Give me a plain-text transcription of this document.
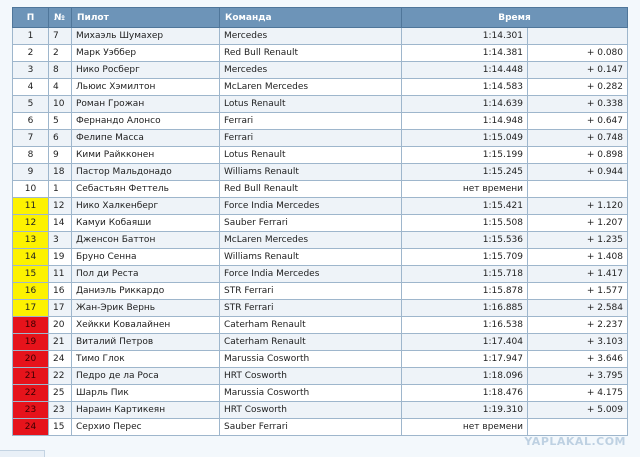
П	№	Пилот	Команда	Время	
1	7	Михаэль Шумахер	Mercedes	1:14.301	
2	2	Марк Уэббер	Red Bull Renault	1:14.381	+ 0.080
3	8	Нико Росберг	Mercedes	1:14.448	+ 0.147
4	4	Льюис Хэмилтон	McLaren Mercedes	1:14.583	+ 0.282
5	10	Роман Грожан	Lotus Renault	1:14.639	+ 0.338
6	5	Фернандо Алонсо	Ferrari	1:14.948	+ 0.647
7	6	Фелипе Масса	Ferrari	1:15.049	+ 0.748
8	9	Кими Райкконен	Lotus Renault	1:15.199	+ 0.898
9	18	Пастор Мальдонадо	Williams Renault	1:15.245	+ 0.944
10	1	Себастьян Феттель	Red Bull Renault	нет времени	
11	12	Нико Халкенберг	Force India Mercedes	1:15.421	+ 1.120
12	14	Камуи Кобаяши	Sauber Ferrari	1:15.508	+ 1.207
13	3	Дженсон Баттон	McLaren Mercedes	1:15.536	+ 1.235
14	19	Бруно Сенна	Williams Renault	1:15.709	+ 1.408
15	11	Пол ди Реста	Force India Mercedes	1:15.718	+ 1.417
16	16	Даниэль Риккардо	STR Ferrari	1:15.878	+ 1.577
17	17	Жан-Эрик Вернь	STR Ferrari	1:16.885	+ 2.584
18	20	Хейкки Ковалайнен	Caterham Renault	1:16.538	+ 2.237
19	21	Виталий Петров	Caterham Renault	1:17.404	+ 3.103
20	24	Тимо Глок	Marussia Cosworth	1:17.947	+ 3.646
21	22	Педро де ла Роса	HRT Cosworth	1:18.096	+ 3.795
22	25	Шарль Пик	Marussia Cosworth	1:18.476	+ 4.175
23	23	Нараин Картикеян	HRT Cosworth	1:19.310	+ 5.009
24	15	Серхио Перес	Sauber Ferrari	нет времени	
YAPLAKAL.COM
